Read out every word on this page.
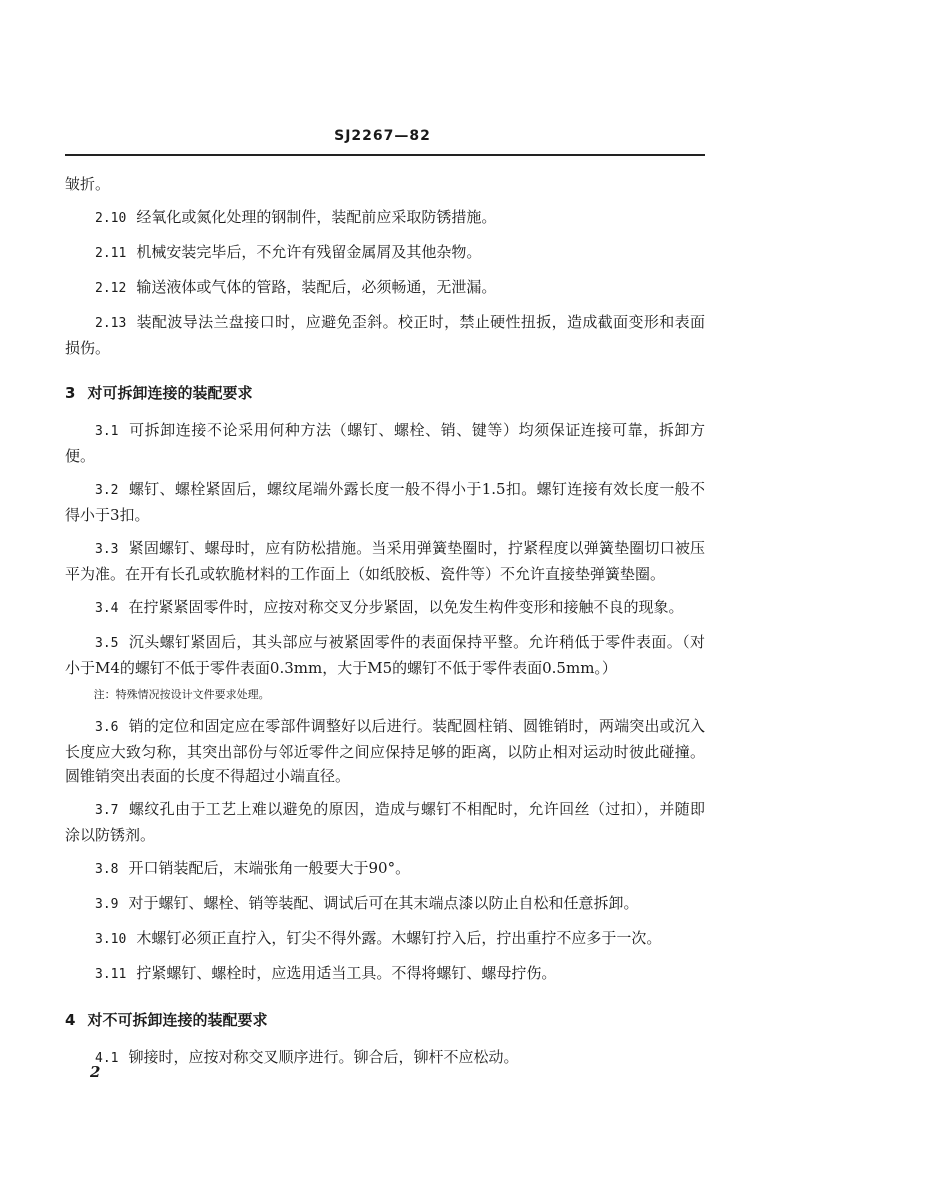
SJ2267—82

皱折。

2.10 经氧化或氮化处理的钢制件，装配前应采取防锈措施。

2.11 机械安装完毕后，不允许有残留金属屑及其他杂物。

2.12 输送液体或气体的管路，装配后，必须畅通，无泄漏。

2.13 装配波导法兰盘接口时，应避免歪斜。校正时，禁止硬性扭扳，造成截面变形和表面损伤。

3 对可拆卸连接的装配要求

3.1 可拆卸连接不论采用何种方法（螺钉、螺栓、销、键等）均须保证连接可靠，拆卸方便。

3.2 螺钉、螺栓紧固后，螺纹尾端外露长度一般不得小于1.5扣。螺钉连接有效长度一般不得小于3扣。

3.3 紧固螺钉、螺母时，应有防松措施。当采用弹簧垫圈时，拧紧程度以弹簧垫圈切口被压平为准。在开有长孔或软脆材料的工作面上（如纸胶板、瓷件等）不允许直接垫弹簧垫圈。

3.4 在拧紧紧固零件时，应按对称交叉分步紧固，以免发生构件变形和接触不良的现象。

3.5 沉头螺钉紧固后，其头部应与被紧固零件的表面保持平整。允许稍低于零件表面。（对小于M4的螺钉不低于零件表面0.3mm，大于M5的螺钉不低于零件表面0.5mm。）

注：特殊情况按设计文件要求处理。

3.6 销的定位和固定应在零部件调整好以后进行。装配圆柱销、圆锥销时，两端突出或沉入长度应大致匀称，其突出部份与邻近零件之间应保持足够的距离，以防止相对运动时彼此碰撞。圆锥销突出表面的长度不得超过小端直径。

3.7 螺纹孔由于工艺上难以避免的原因，造成与螺钉不相配时，允许回丝（过扣），并随即涂以防锈剂。

3.8 开口销装配后，末端张角一般要大于90°。

3.9 对于螺钉、螺栓、销等装配、调试后可在其末端点漆以防止自松和任意拆卸。

3.10 木螺钉必须正直拧入，钉尖不得外露。木螺钉拧入后，拧出重拧不应多于一次。

3.11 拧紧螺钉、螺栓时，应选用适当工具。不得将螺钉、螺母拧伤。

4 对不可拆卸连接的装配要求

4.1 铆接时，应按对称交叉顺序进行。铆合后，铆杆不应松动。

2
